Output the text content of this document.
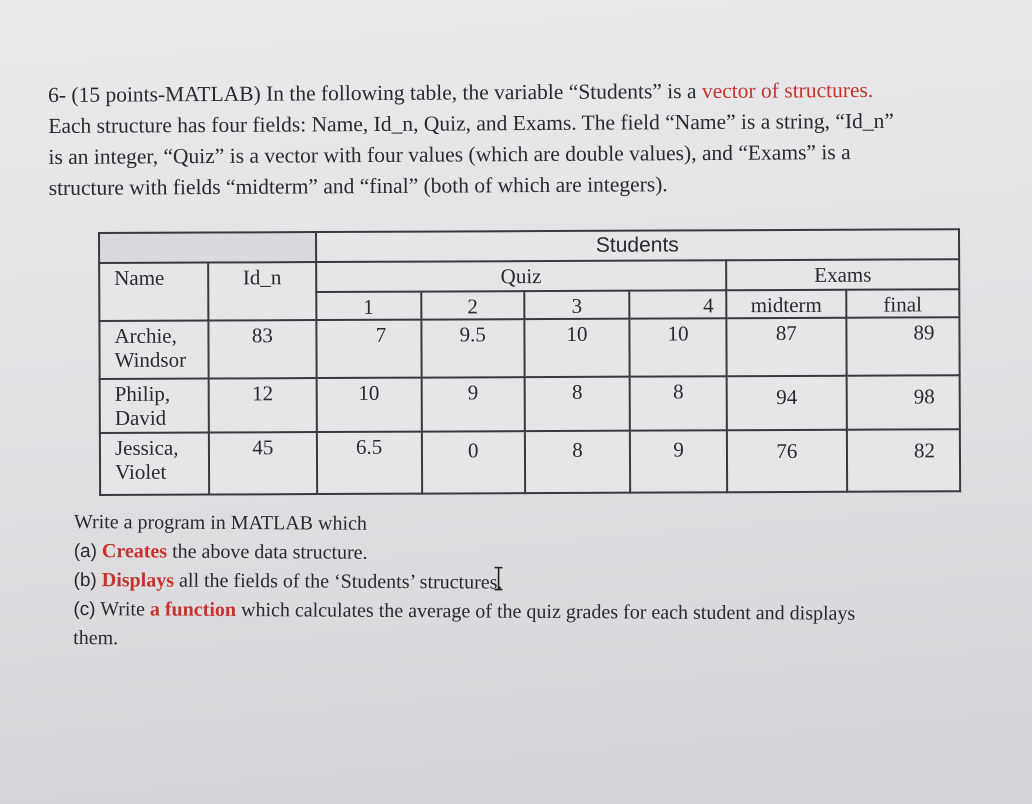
6- (15 points-MATLAB) In the following table, the variable “Students” is a vector of structures.

Each structure has four fields: Name, Id_n, Quiz, and Exams. The field “Name” is a string, “Id_n”

is an integer, “Quiz” is a vector with four values (which are double values), and “Exams” is a

structure with fields “midterm” and “final” (both of which are integers).

		Students					
Name	Id_n	Quiz				Exams	
		1	2	3	4	midterm	final
Archie,
Windsor	83	7	9.5	10	10	87	89
Philip,
David	12	10	9	8	8	94	98
Jessica,
Violet	45	6.5	0	8	9	76	82

Write a program in MATLAB which

(a) Creates the above data structure.

(b) Displays all the fields of the ‘Students’ structures.

(c) Write a function which calculates the average of the quiz grades for each student and displays

them.
